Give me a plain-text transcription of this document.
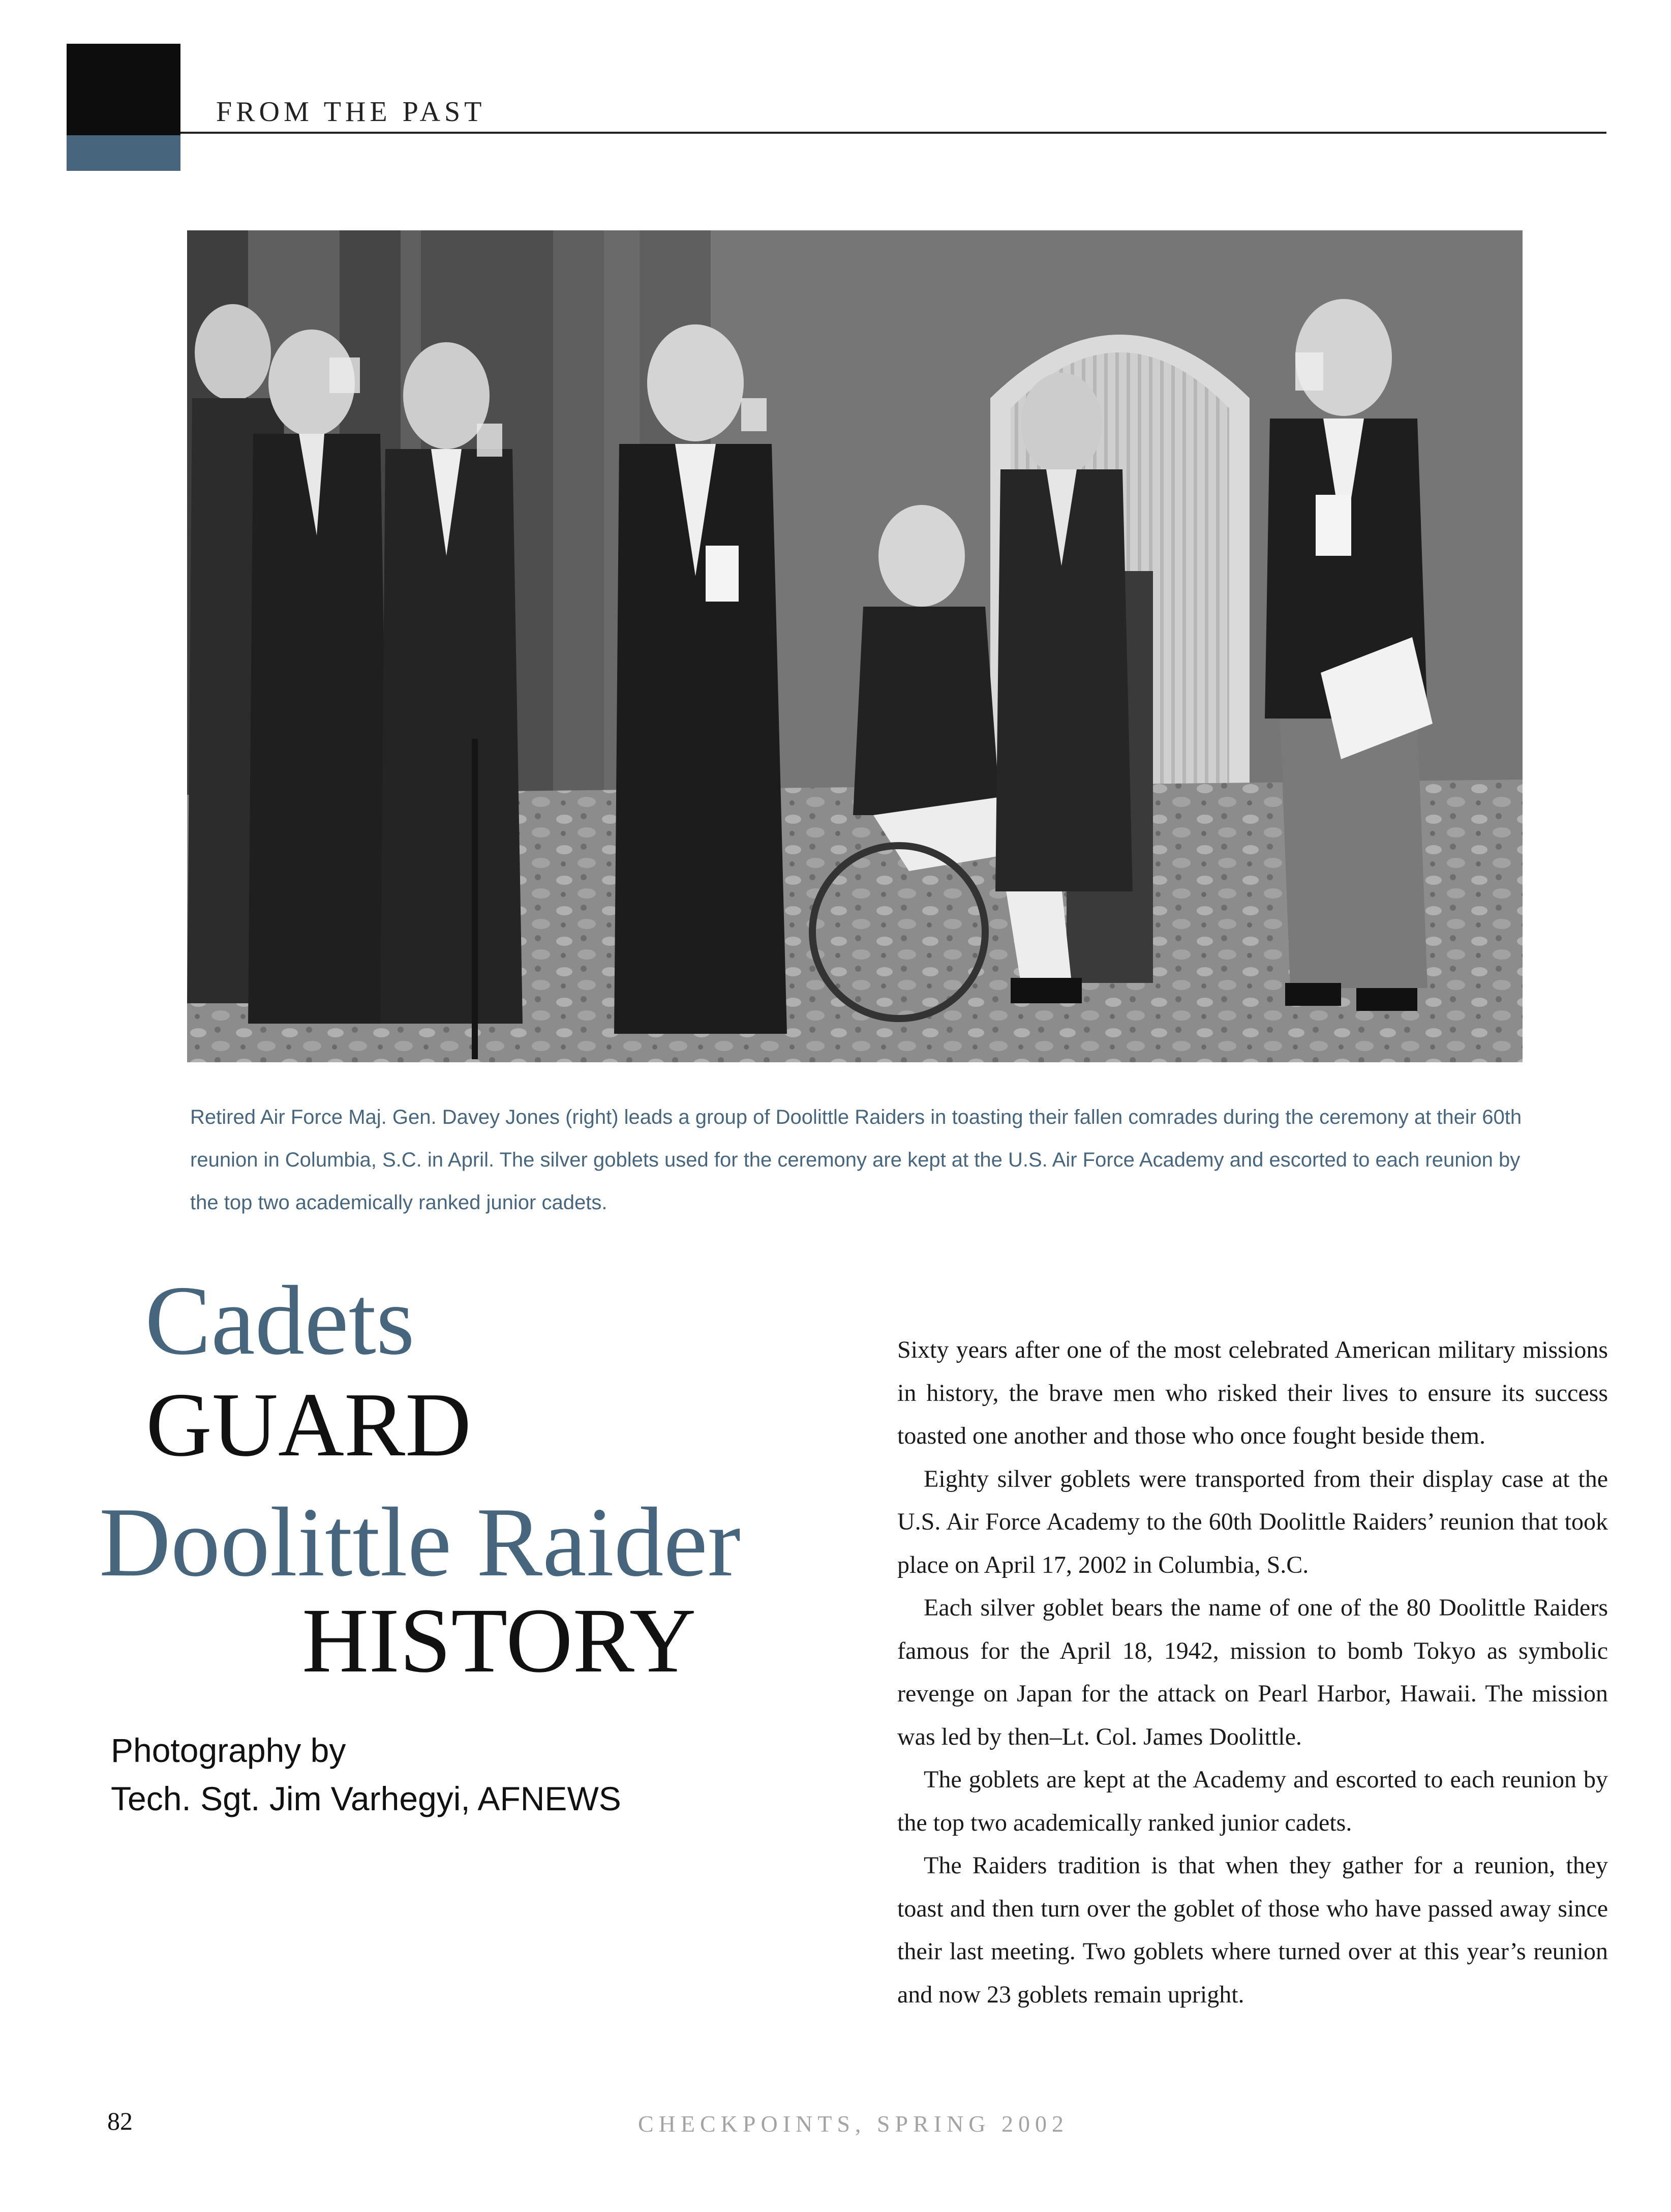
FROM THE PAST
Retired Air Force Maj. Gen. Davey Jones (right) leads a group of Doolittle Raiders in toasting their fallen comrades during the ceremony at their 60th reunion in Columbia, S.C. in April. The silver goblets used for the ceremony are kept at the U.S. Air Force Academy and escorted to each reunion by the top two academically ranked junior cadets.
Cadets
GUARD
Doolittle Raider
HISTORY
Photography by
Tech. Sgt. Jim Varhegyi, AFNEWS

Sixty years after one of the most celebrated American military missions in history, the brave men who risked their lives to ensure its success toasted one another and those who once fought beside them.

Eighty silver goblets were transported from their display case at the U.S. Air Force Academy to the 60th Doolittle Raiders’ reunion that took place on April 17, 2002 in Columbia, S.C.

Each silver goblet bears the name of one of the 80 Doolittle Raiders famous for the April 18, 1942, mission to bomb Tokyo as symbolic revenge on Japan for the attack on Pearl Harbor, Hawaii. The mission was led by then–Lt. Col. James Doolittle.

The goblets are kept at the Academy and escorted to each reunion by the top two academically ranked junior cadets.

The Raiders tradition is that when they gather for a reunion, they toast and then turn over the goblet of those who have passed away since their last meeting. Two goblets where turned over at this year’s reunion and now 23 goblets remain upright.

82	CHECKPOINTS, SPRING 2002
